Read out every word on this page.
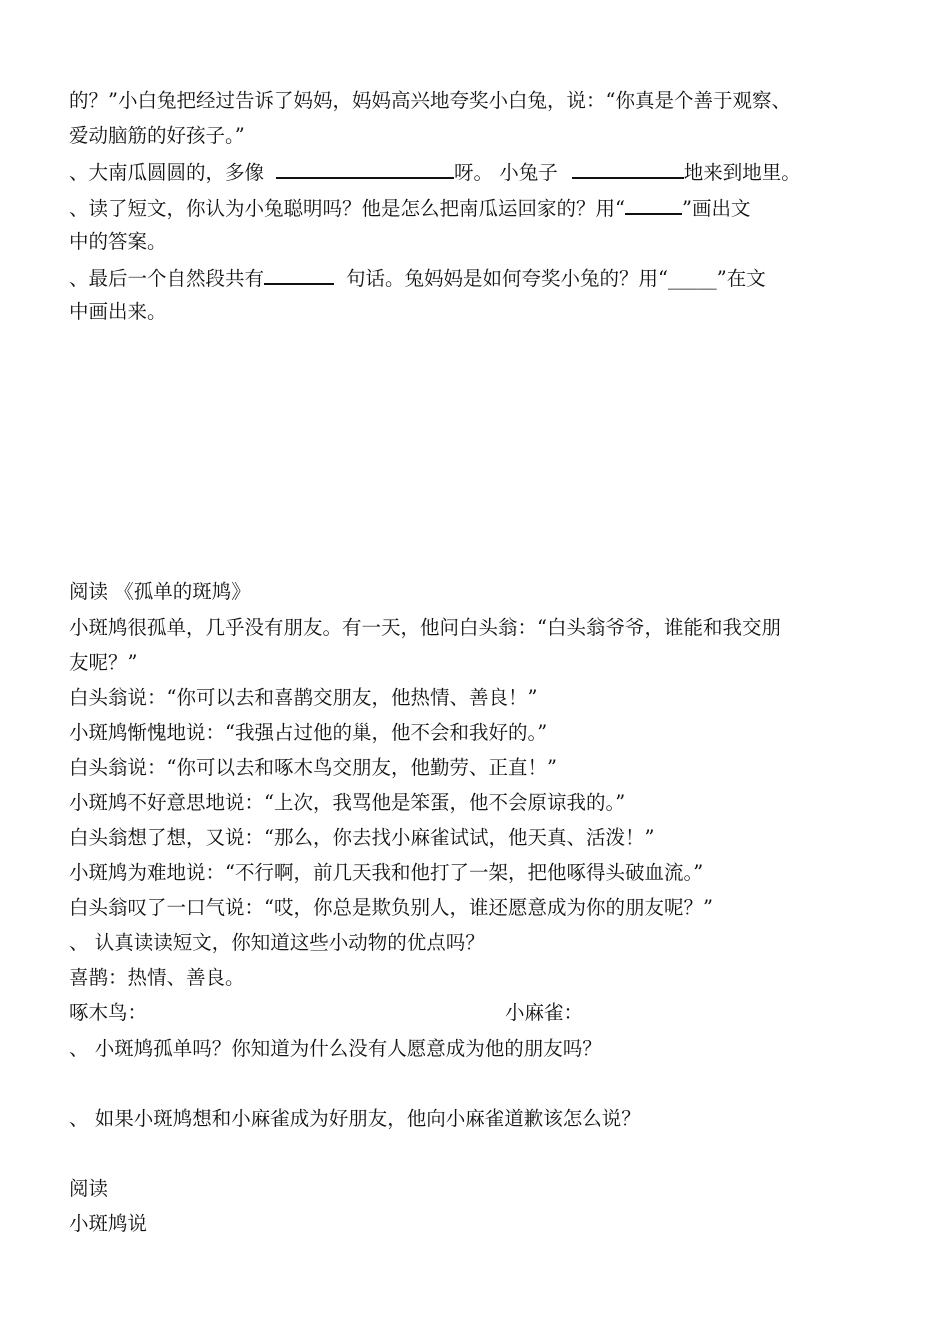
的？”小白兔把经过告诉了妈妈，妈妈高兴地夸奖小白兔，说：“你真是个善于观察、
爱动脑筋的好孩子。”
、大南瓜圆圆的，多像	呀。 小兔子	地来到地里。
、读了短文，你认为小兔聪明吗？他是怎么把南瓜运回家的？用“	”画出文
中的答案。
、最后一个自然段共有	句话。兔妈妈是如何夸奖小兔的？用“_____”在文
中画出来。
阅读 《孤单的斑鸠》
小斑鸠很孤单，几乎没有朋友。有一天，他问白头翁：“白头翁爷爷，谁能和我交朋
友呢？”
白头翁说：“你可以去和喜鹊交朋友，他热情、善良！”
小斑鸠惭愧地说：“我强占过他的巢，他不会和我好的。”
白头翁说：“你可以去和啄木鸟交朋友，他勤劳、正直！”
小斑鸠不好意思地说：“上次，我骂他是笨蛋，他不会原谅我的。”
白头翁想了想，又说：“那么，你去找小麻雀试试，他天真、活泼！”
小斑鸠为难地说：“不行啊，前几天我和他打了一架，把他啄得头破血流。”
白头翁叹了一口气说：“哎，你总是欺负别人，谁还愿意成为你的朋友呢？”
、 认真读读短文，你知道这些小动物的优点吗？
喜鹊：热情、善良。
啄木鸟：	小麻雀：
、 小斑鸠孤单吗？你知道为什么没有人愿意成为他的朋友吗？
、 如果小斑鸠想和小麻雀成为好朋友，他向小麻雀道歉该怎么说？
阅读
小斑鸠说
